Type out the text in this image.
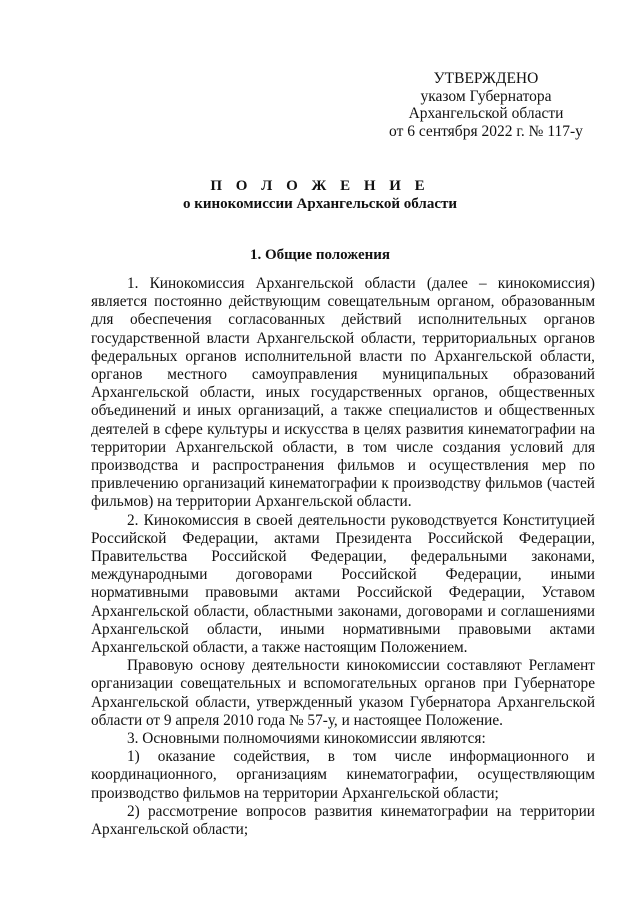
УТВЕРЖДЕНО
указом Губернатора
Архангельской области
от 6 сентября 2022 г. № 117-у
П О Л О Ж Е Н И Е
о кинокомиссии Архангельской области
1. Общие положения

1. Кинокомиссия Архангельской области (далее – кинокомиссия) является постоянно действующим совещательным органом, образованным для обеспечения согласованных действий исполнительных органов государственной власти Архангельской области, территориальных органов федеральных органов исполнительной власти по Архангельской области, органов местного самоуправления муниципальных образований Архангельской области, иных государственных органов, общественных объединений и иных организаций, а также специалистов и общественных деятелей в сфере культуры и искусства в целях развития кинематографии на территории Архангельской области, в том числе создания условий для производства и распространения фильмов и осуществления мер по привлечению организаций кинематографии к производству фильмов (частей фильмов) на территории Архангельской области.

2. Кинокомиссия в своей деятельности руководствуется Конституцией Российской Федерации, актами Президента Российской Федерации, Правительства Российской Федерации, федеральными законами, международными договорами Российской Федерации, иными нормативными правовыми актами Российской Федерации, Уставом Архангельской области, областными законами, договорами и соглашениями Архангельской области, иными нормативными правовыми актами Архангельской области, а также настоящим Положением.

Правовую основу деятельности кинокомиссии составляют Регламент организации совещательных и вспомогательных органов при Губернаторе Архангельской области, утвержденный указом Губернатора Архангельской области от 9 апреля 2010 года № 57-у, и настоящее Положение.

3. Основными полномочиями кинокомиссии являются:

1) оказание содействия, в том числе информационного и координационного, организациям кинематографии, осуществляющим производство фильмов на территории Архангельской области;

2) рассмотрение вопросов развития кинематографии на территории Архангельской области;
